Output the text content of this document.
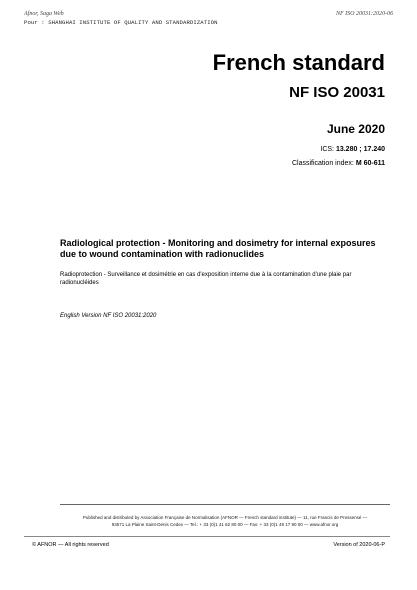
Afnor, Saga Web
Pour : SHANGHAI INSTITUTE OF QUALITY AND STANDARDIZATION
NF ISO 20031:2020-06
French standard
NF ISO 20031
June 2020
ICS: 13.280 ; 17.240
Classification index: M 60-611
Radiological protection - Monitoring and dosimetry for internal exposures due to wound contamination with radionuclides
Radioprotection - Surveillance et dosimétrie en cas d'exposition interne due à la contamination d'une plaie par radionucléides
English Version NF ISO 20031:2020
Published and distributed by Association Française de Normalisation (AFNOR — French standard institute) — 11, rue Francis de Pressensé —
93571 La Plaine Saint-Denis Cedex — Tel.: + 33 (0)1 41 62 80 00 — Fax: + 33 (0)1 49 17 90 00 — www.afnor.org
© AFNOR — All rights reserved	Version of 2020-06-P
